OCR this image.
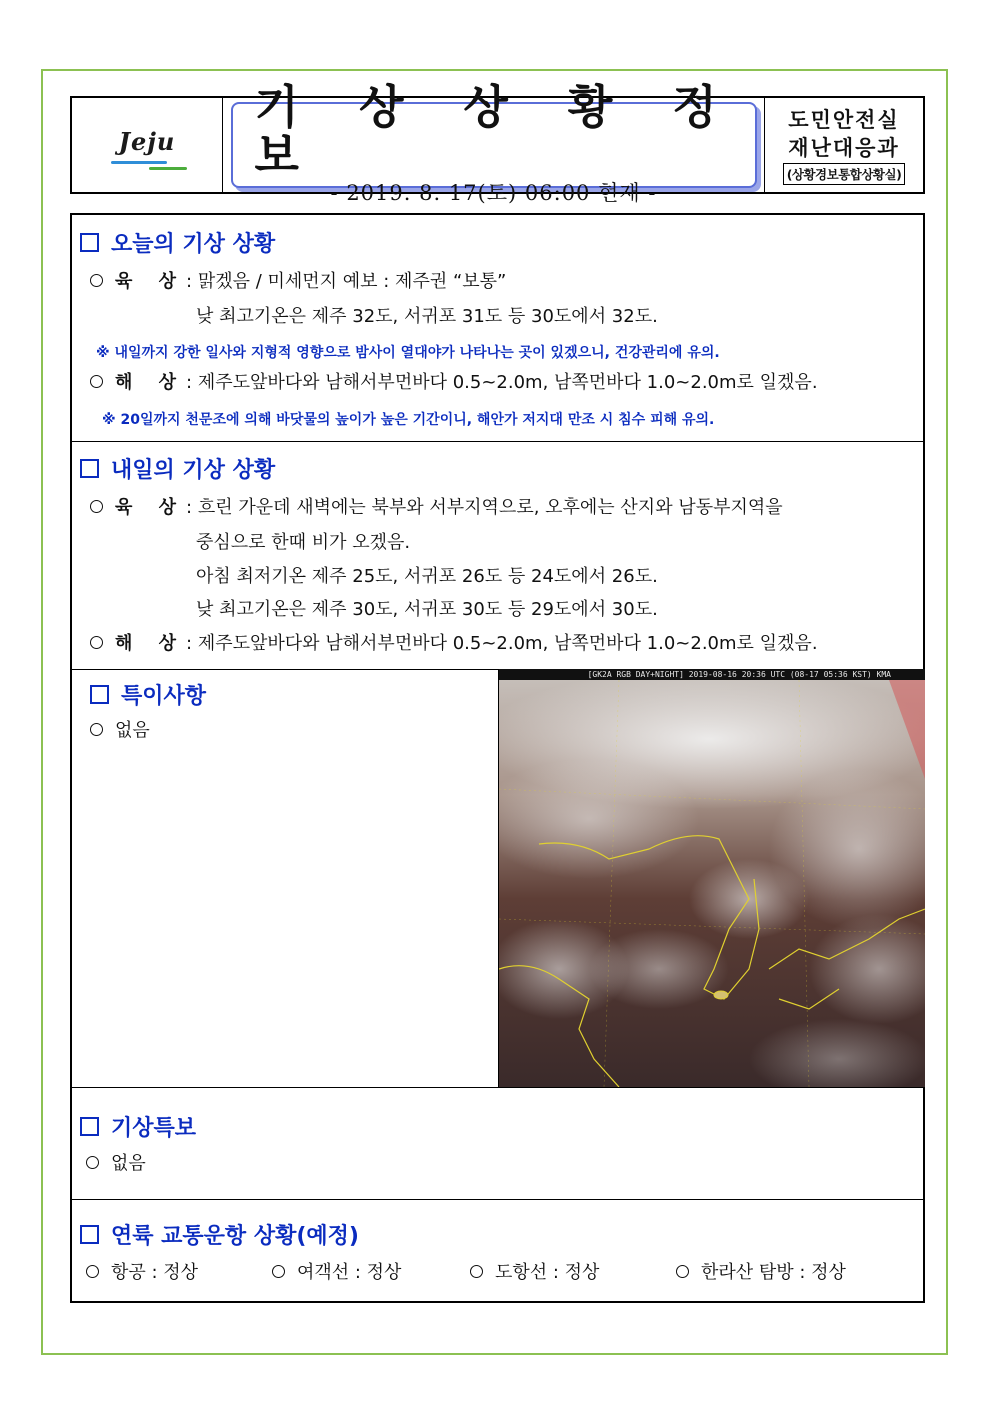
Jeju
기 상 상 황 정 보
- 2019. 8. 17(토) 06:00 현재 -
도민안전실
재난대응과
(상황경보통합상황실)
오늘의 기상 상황
육 상: 맑겠음 / 미세먼지 예보 : 제주권 “보통”
낮 최고기온은 제주 32도, 서귀포 31도 등 30도에서 32도.
※ 내일까지 강한 일사와 지형적 영향으로 밤사이 열대야가 나타나는 곳이 있겠으니, 건강관리에 유의.
해 상: 제주도앞바다와 남해서부먼바다 0.5~2.0m, 남쪽먼바다 1.0~2.0m로 일겠음.
※ 20일까지 천문조에 의해 바닷물의 높이가 높은 기간이니, 해안가 저지대 만조 시 침수 피해 유의.
내일의 기상 상황
육 상: 흐린 가운데 새벽에는 북부와 서부지역으로, 오후에는 산지와 남동부지역을
중심으로 한때 비가 오겠음.
아침 최저기온 제주 25도, 서귀포 26도 등 24도에서 26도.
낮 최고기온은 제주 30도, 서귀포 30도 등 29도에서 30도.
해 상: 제주도앞바다와 남해서부먼바다 0.5~2.0m, 남쪽먼바다 1.0~2.0m로 일겠음.
특이사항
없음
[GK2A RGB DAY+NIGHT] 2019-08-16 20:36 UTC (08-17 05:36 KST) KMA
기상특보
없음
연륙 교통운항 상황(예정)
항공 : 정상	여객선 : 정상	도항선 : 정상	한라산 탐방 : 정상
